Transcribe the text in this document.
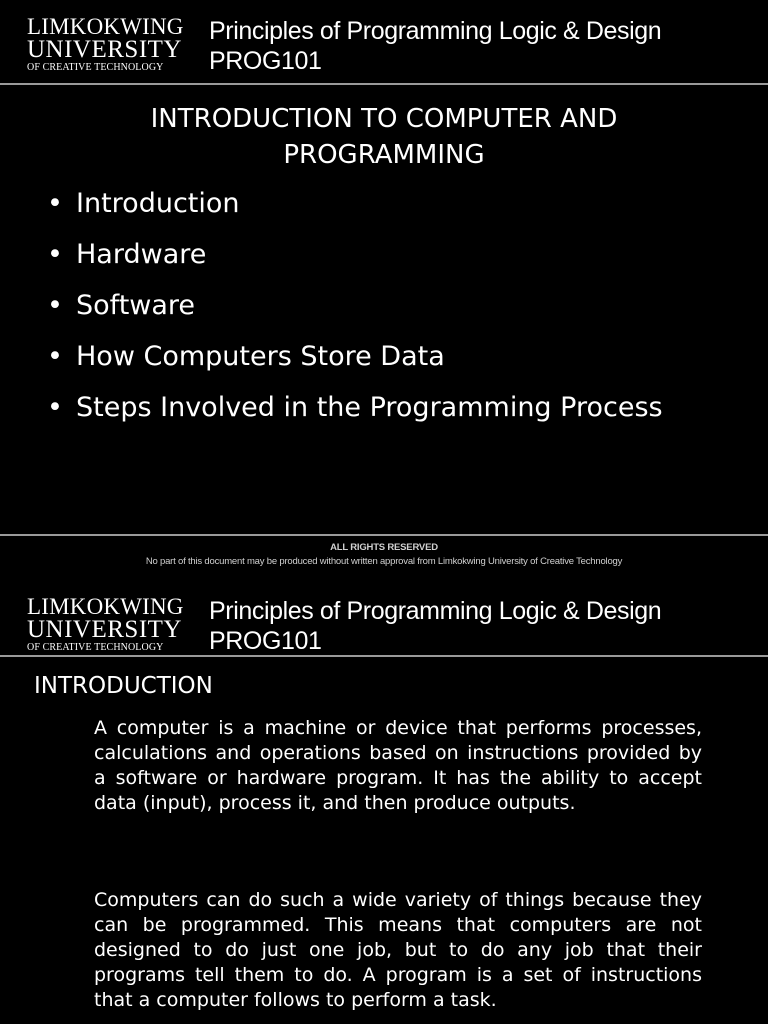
LIMKOKWING
UNIVERSITY
OF CREATIVE TECHNOLOGY
Principles of Programming Logic & Design
PROG101
INTRODUCTION TO COMPUTER AND PROGRAMMING
• Introduction
• Hardware
• Software
• How Computers Store Data
• Steps Involved in the Programming Process
ALL RIGHTS RESERVED
No part of this document may be produced without written approval from Limkokwing University of Creative Technology
LIMKOKWING
UNIVERSITY
OF CREATIVE TECHNOLOGY
Principles of Programming Logic & Design
PROG101
INTRODUCTION

A computer is a machine or device that performs processes, calculations and operations based on instructions provided by a software or hardware program. It has the ability to accept data (input), process it, and then produce outputs.

Computers can do such a wide variety of things because they can be programmed. This means that computers are not designed to do just one job, but to do any job that their programs tell them to do. A program is a set of instructions that a computer follows to perform a task.
